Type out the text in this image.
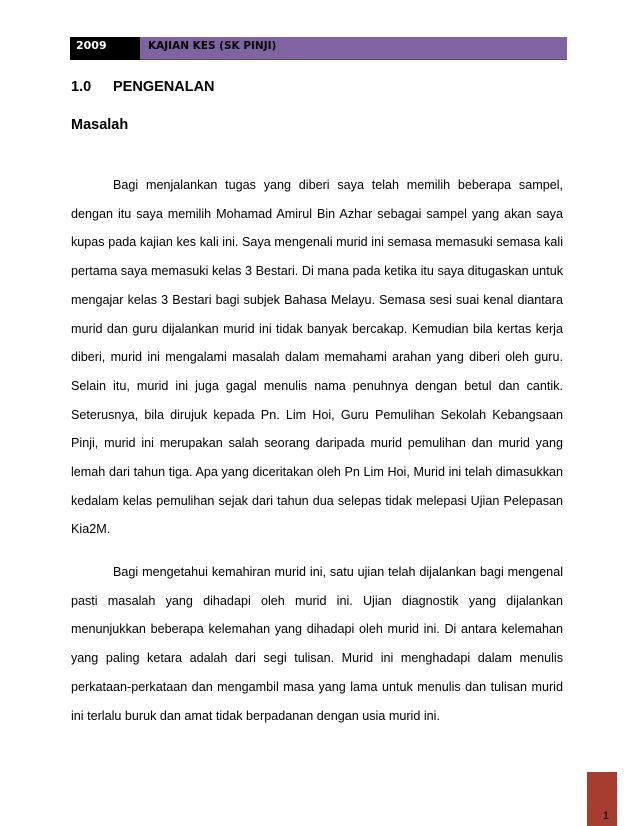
2009	KAJIAN KES (SK PINJI)
1.0	PENGENALAN
Masalah

Bagi menjalankan tugas yang diberi saya telah memilih beberapa sampel, dengan itu saya memilih Mohamad Amirul Bin Azhar sebagai sampel yang akan saya kupas pada kajian kes kali ini. Saya mengenali murid ini semasa memasuki semasa kali pertama saya memasuki kelas 3 Bestari. Di mana pada ketika itu saya ditugaskan untuk mengajar kelas 3 Bestari bagi subjek Bahasa Melayu. Semasa sesi suai kenal diantara murid dan guru dijalankan murid ini tidak banyak bercakap. Kemudian bila kertas kerja diberi, murid ini mengalami masalah dalam memahami arahan yang diberi oleh guru. Selain itu, murid ini juga gagal menulis nama penuhnya dengan betul dan cantik. Seterusnya, bila dirujuk kepada Pn. Lim Hoi, Guru Pemulihan Sekolah Kebangsaan Pinji, murid ini merupakan salah seorang daripada murid pemulihan dan murid yang lemah dari tahun tiga. Apa yang diceritakan oleh Pn Lim Hoi, Murid ini telah dimasukkan kedalam kelas pemulihan sejak dari tahun dua selepas tidak melepasi Ujian Pelepasan Kia2M.

Bagi mengetahui kemahiran murid ini, satu ujian telah dijalankan bagi mengenal pasti masalah yang dihadapi oleh murid ini. Ujian diagnostik yang dijalankan menunjukkan beberapa kelemahan yang dihadapi oleh murid ini. Di antara kelemahan yang paling ketara adalah dari segi tulisan. Murid ini menghadapi dalam menulis perkataan-perkataan dan mengambil masa yang lama untuk menulis dan tulisan murid ini terlalu buruk dan amat tidak berpadanan dengan usia murid ini.

1
